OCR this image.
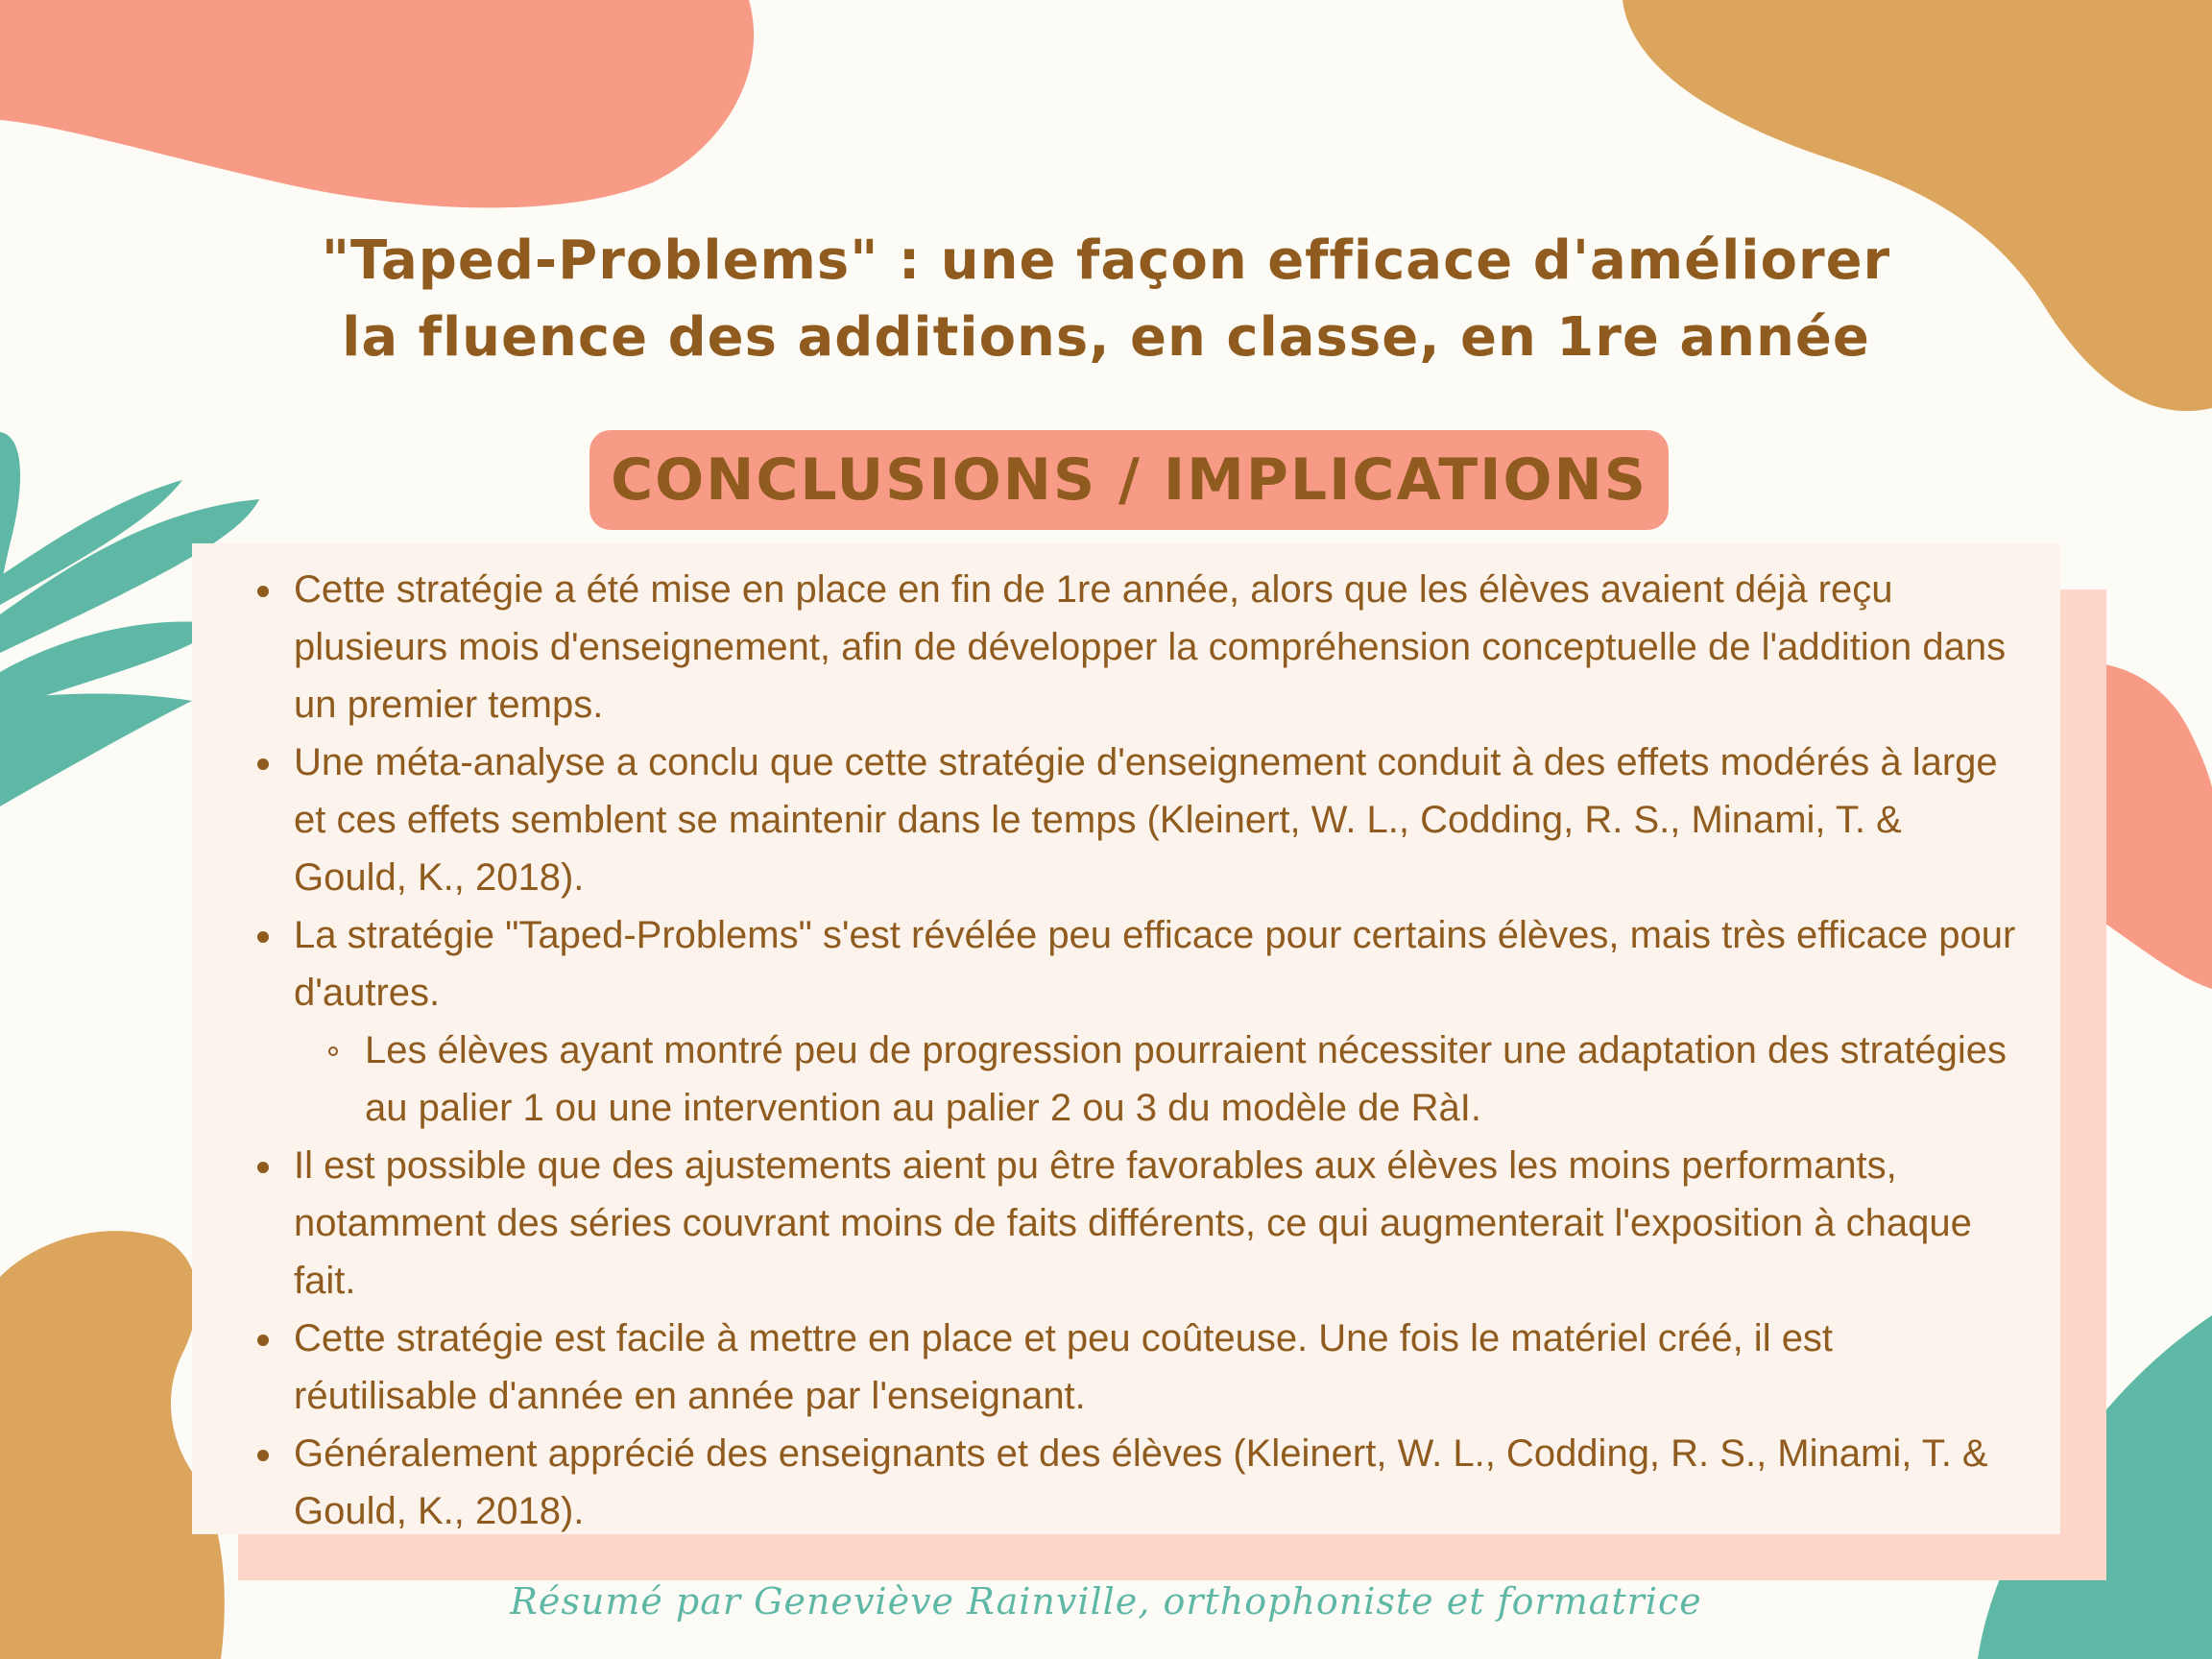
"Taped-Problems" : une façon efficace d'améliorer
la fluence des additions, en classe, en 1re année
CONCLUSIONS / IMPLICATIONS
Cette stratégie a été mise en place en fin de 1re année, alors que les élèves avaient déjà reçu plusieurs mois d'enseignement, afin de développer la compréhension conceptuelle de l'addition dans un premier temps.
Une méta-analyse a conclu que cette stratégie d'enseignement conduit à des effets modérés à large et ces effets semblent se maintenir dans le temps (Kleinert, W. L., Codding, R. S., Minami, T. & Gould, K., 2018).
La stratégie "Taped-Problems" s'est révélée peu efficace pour certains élèves, mais très efficace pour d'autres.
Les élèves ayant montré peu de progression pourraient nécessiter une adaptation des stratégies au palier 1 ou une intervention au palier 2 ou 3 du modèle de RàI.
Il est possible que des ajustements aient pu être favorables aux élèves les moins performants, notamment des séries couvrant moins de faits différents, ce qui augmenterait l'exposition à chaque fait.
Cette stratégie est facile à mettre en place et peu coûteuse. Une fois le matériel créé, il est réutilisable d'année en année par l'enseignant.
Généralement apprécié des enseignants et des élèves (Kleinert, W. L., Codding, R. S., Minami, T. & Gould, K., 2018).
Résumé par Geneviève Rainville, orthophoniste et formatrice
